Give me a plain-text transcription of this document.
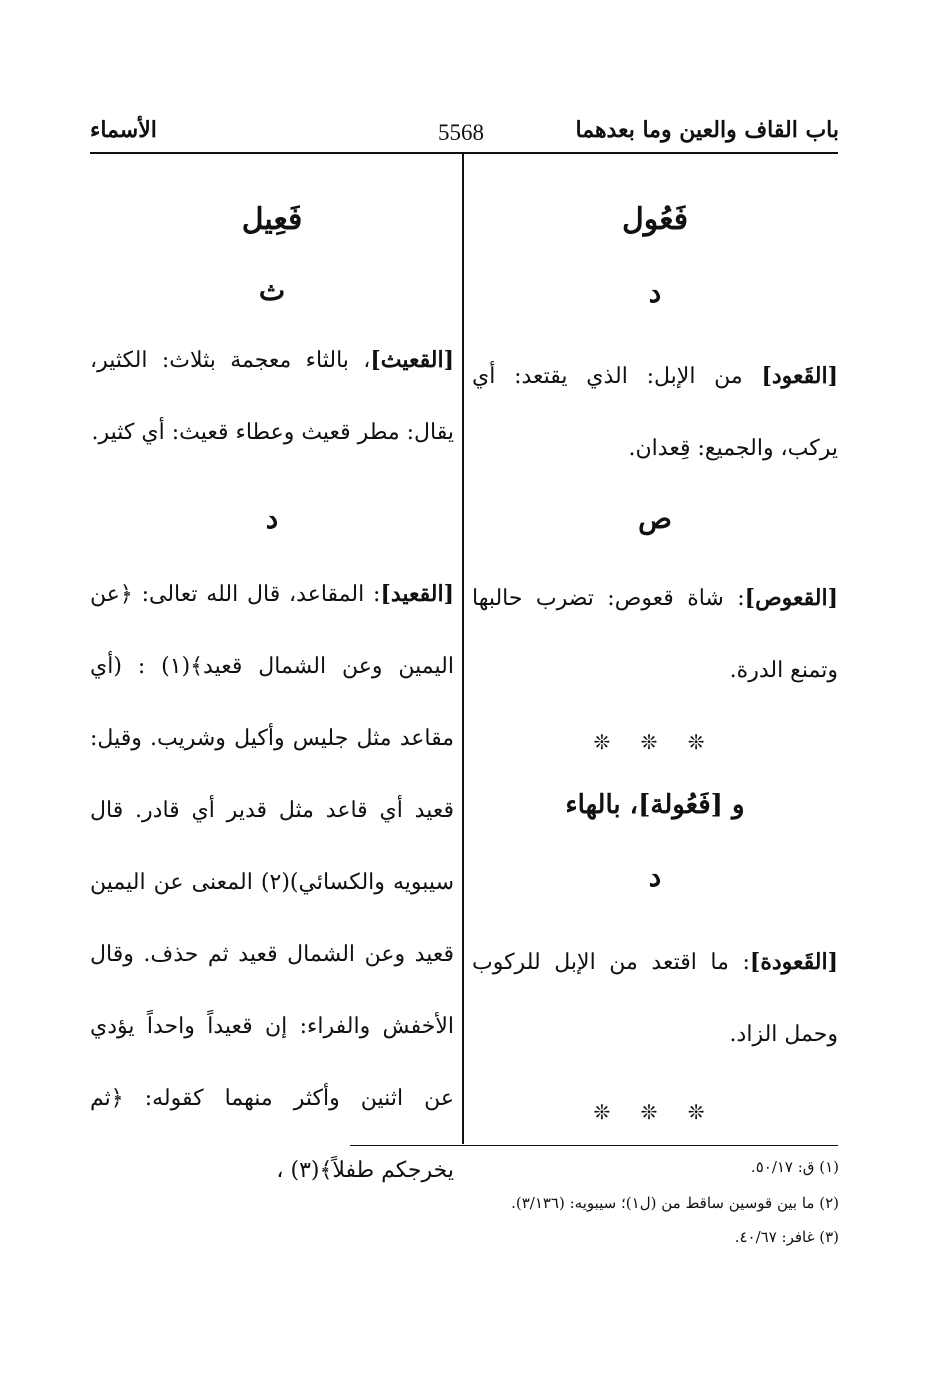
باب القاف والعين وما بعدهما
5568
الأسماء
فَعُول
د
[القَعود] من الإبل: الذي يقتعد: أي يركب، والجميع: قِعدان.
ص
[القعوص]: شاة قعوص: تضرب حالبها وتمنع الدرة.
❊ ❊ ❊
و [فَعُولة]، بالهاء
د
[القَعودة]: ما اقتعد من الإبل للركوب وحمل الزاد.
❊ ❊ ❊
فَعِيل
ث
[القعيث]، بالثاء معجمة بثلاث: الكثير، يقال: مطر قعيث وعطاء قعيث: أي كثير.
د
[القعيد]: المقاعد، قال الله تعالى: ﴿عن اليمين وعن الشمال قعيد﴾(١) : (أي مقاعد مثل جليس وأكيل وشريب. وقيل: قعيد أي قاعد مثل قدير أي قادر. قال سيبويه والكسائي)(٢) المعنى عن اليمين قعيد وعن الشمال قعيد ثم حذف. وقال الأخفش والفراء: إن قعيداً واحداً يؤدي عن اثنين وأكثر منهما كقوله: ﴿ثم يخرجكم طفلاً﴾(٣) ،	(١) ق: ٥٠/١٧.
(٢) ما بين قوسين ساقط من (ل١)؛ سيبويه: (٣/١٣٦).
(٣) غافر: ٤٠/٦٧.
